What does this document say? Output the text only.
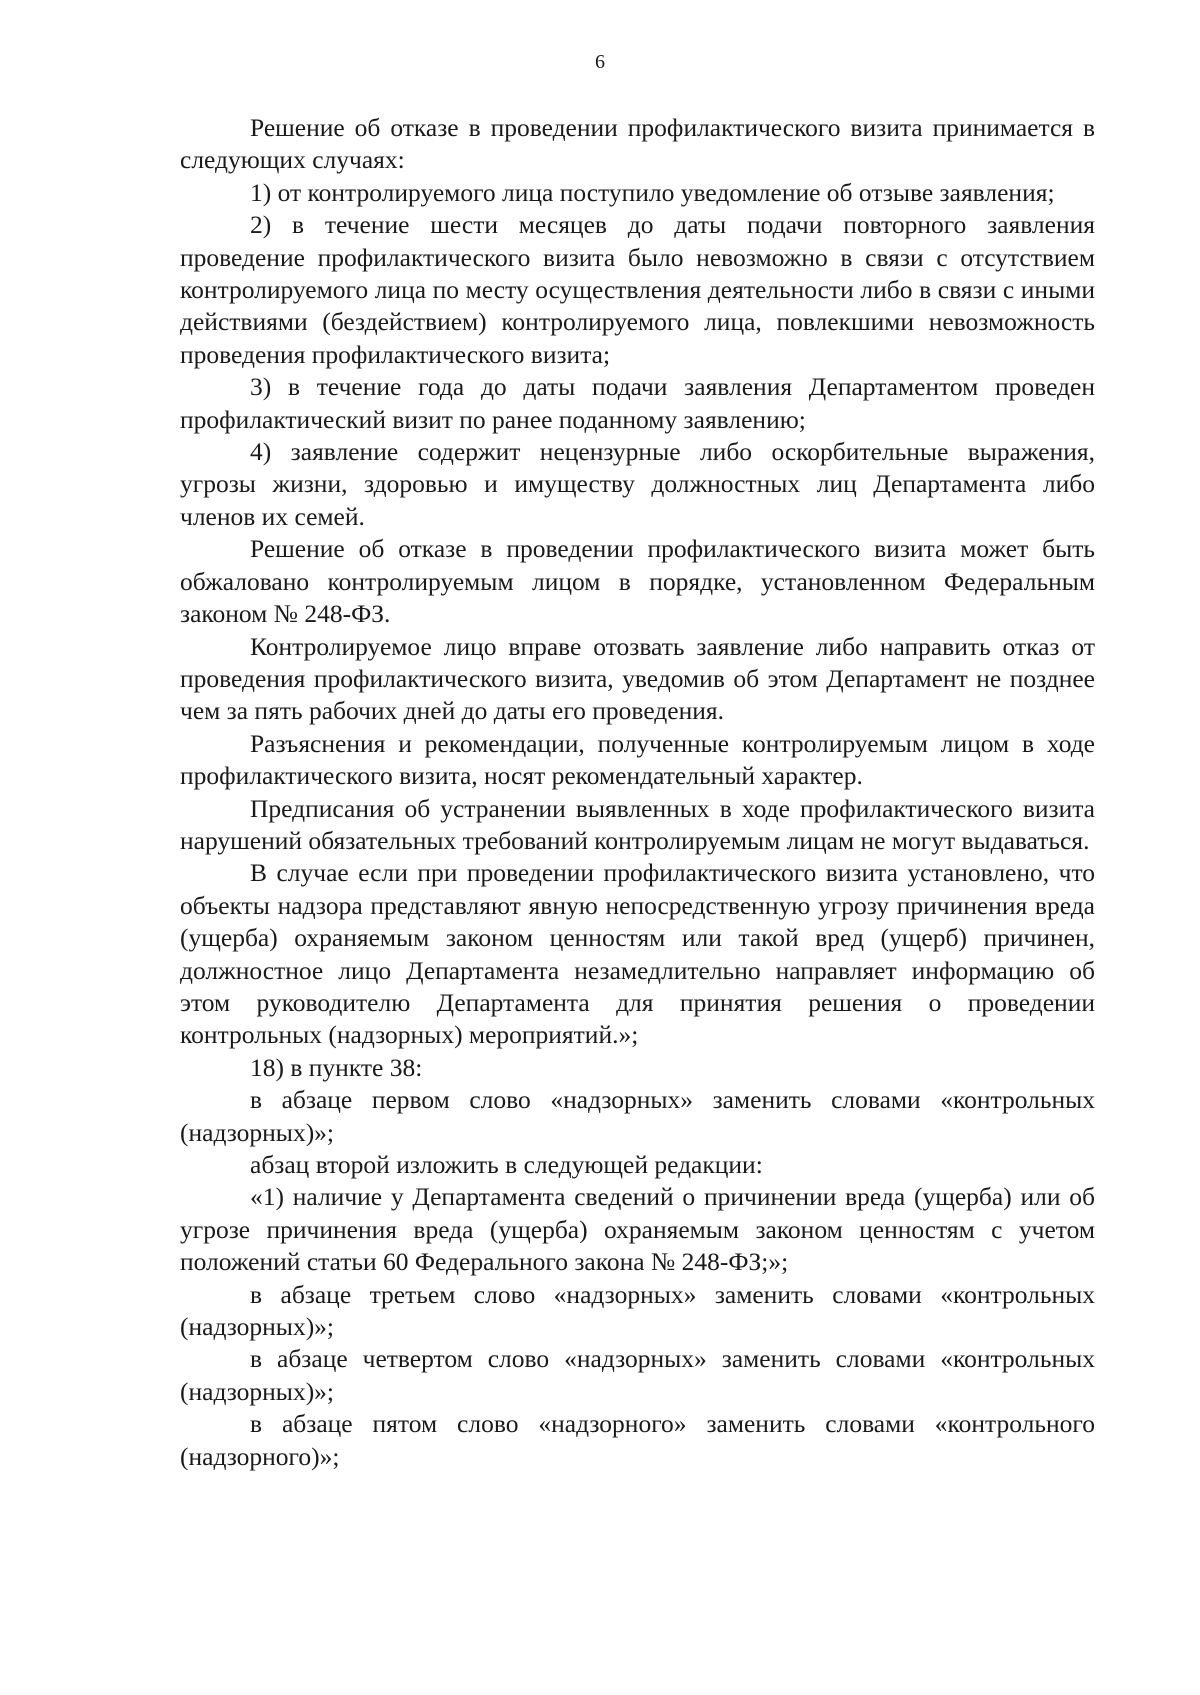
6

Решение об отказе в проведении профилактического визита принимается в следующих случаях:

1) от контролируемого лица поступило уведомление об отзыве заявления;

2) в течение шести месяцев до даты подачи повторного заявления проведение профилактического визита было невозможно в связи с отсутствием контролируемого лица по месту осуществления деятельности либо в связи с иными действиями (бездействием) контролируемого лица, повлекшими невозможность проведения профилактического визита;

3) в течение года до даты подачи заявления Департаментом проведен профилактический визит по ранее поданному заявлению;

4) заявление содержит нецензурные либо оскорбительные выражения, угрозы жизни, здоровью и имуществу должностных лиц Департамента либо членов их семей.

Решение об отказе в проведении профилактического визита может быть обжаловано контролируемым лицом в порядке, установленном Федеральным законом № 248-ФЗ.

Контролируемое лицо вправе отозвать заявление либо направить отказ от проведения профилактического визита, уведомив об этом Департамент не позднее чем за пять рабочих дней до даты его проведения.

Разъяснения и рекомендации, полученные контролируемым лицом в ходе профилактического визита, носят рекомендательный характер.

Предписания об устранении выявленных в ходе профилактического визита нарушений обязательных требований контролируемым лицам не могут выдаваться.

В случае если при проведении профилактического визита установлено, что объекты надзора представляют явную непосредственную угрозу причинения вреда (ущерба) охраняемым законом ценностям или такой вред (ущерб) причинен, должностное лицо Департамента незамедлительно направляет информацию об этом руководителю Департамента для принятия решения о проведении контрольных (надзорных) мероприятий.»;

18) в пункте 38:

в абзаце первом слово «надзорных» заменить словами «контрольных (надзорных)»;

абзац второй изложить в следующей редакции:

«1) наличие у Департамента сведений о причинении вреда (ущерба) или об угрозе причинения вреда (ущерба) охраняемым законом ценностям с учетом положений статьи 60 Федерального закона № 248-ФЗ;»;

в абзаце третьем слово «надзорных» заменить словами «контрольных (надзорных)»;

в абзаце четвертом слово «надзорных» заменить словами «контрольных (надзорных)»;

в абзаце пятом слово «надзорного» заменить словами «контрольного (надзорного)»;
